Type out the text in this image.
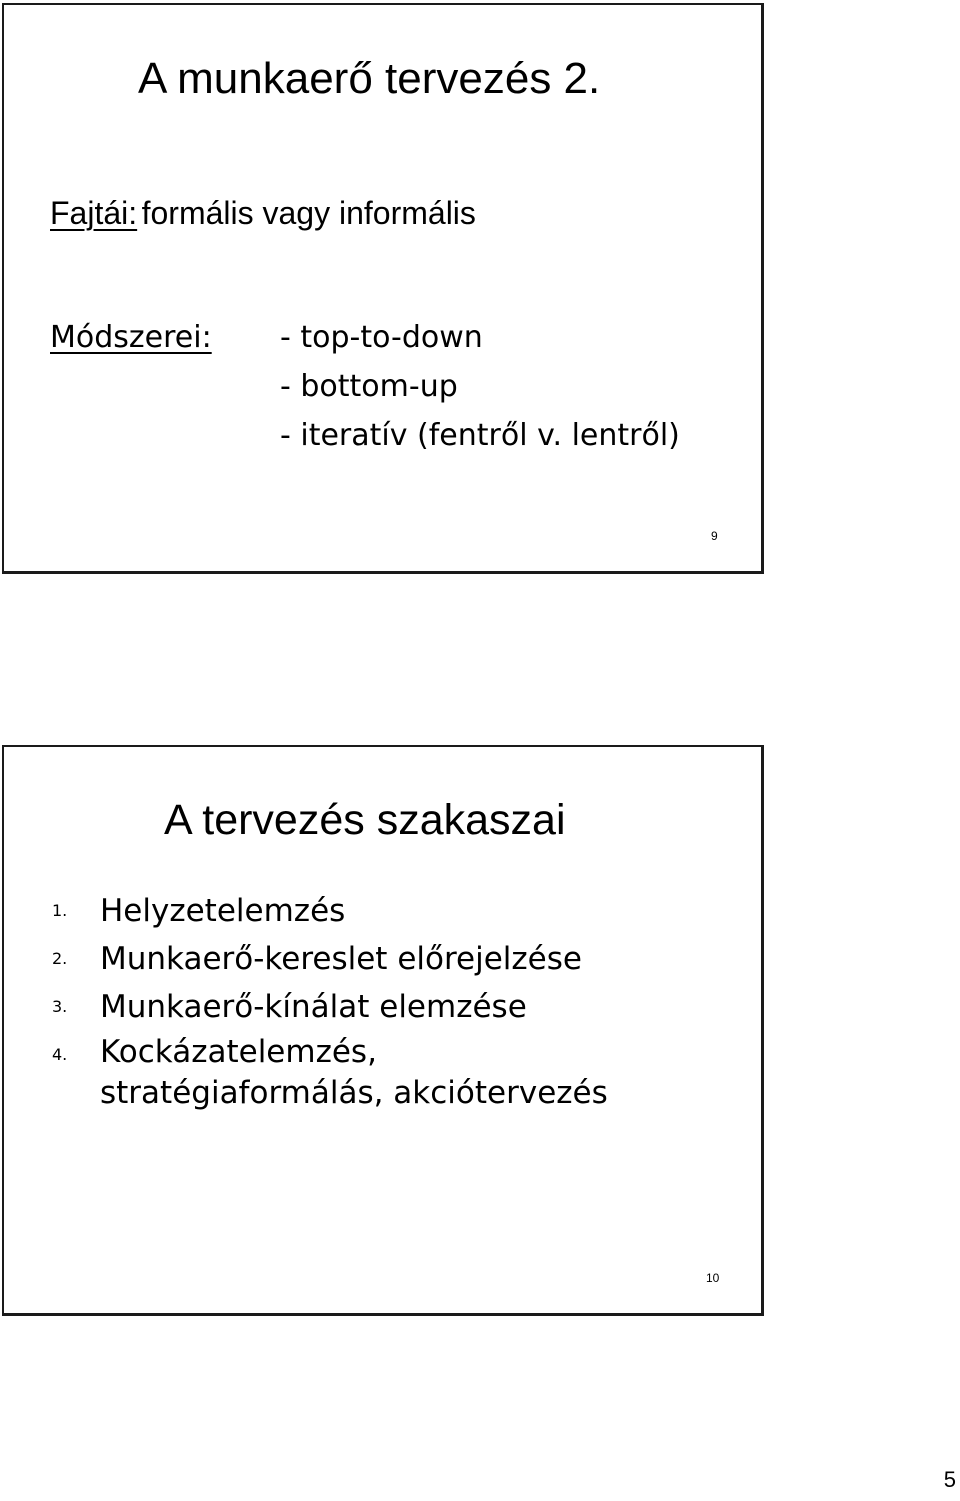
A munkaerő tervezés 2.
Fajtái: formális vagy informális
Módszerei: - top-to-down
- bottom-up
- iteratív (fentről v. lentről)
9
A tervezés szakaszai
1. Helyzetelemzés
2. Munkaerő-kereslet előrejelzése
3. Munkaerő-kínálat elemzése
4. Kockázatelemzés,
stratégiaformálás, akciótervezés
10
5
